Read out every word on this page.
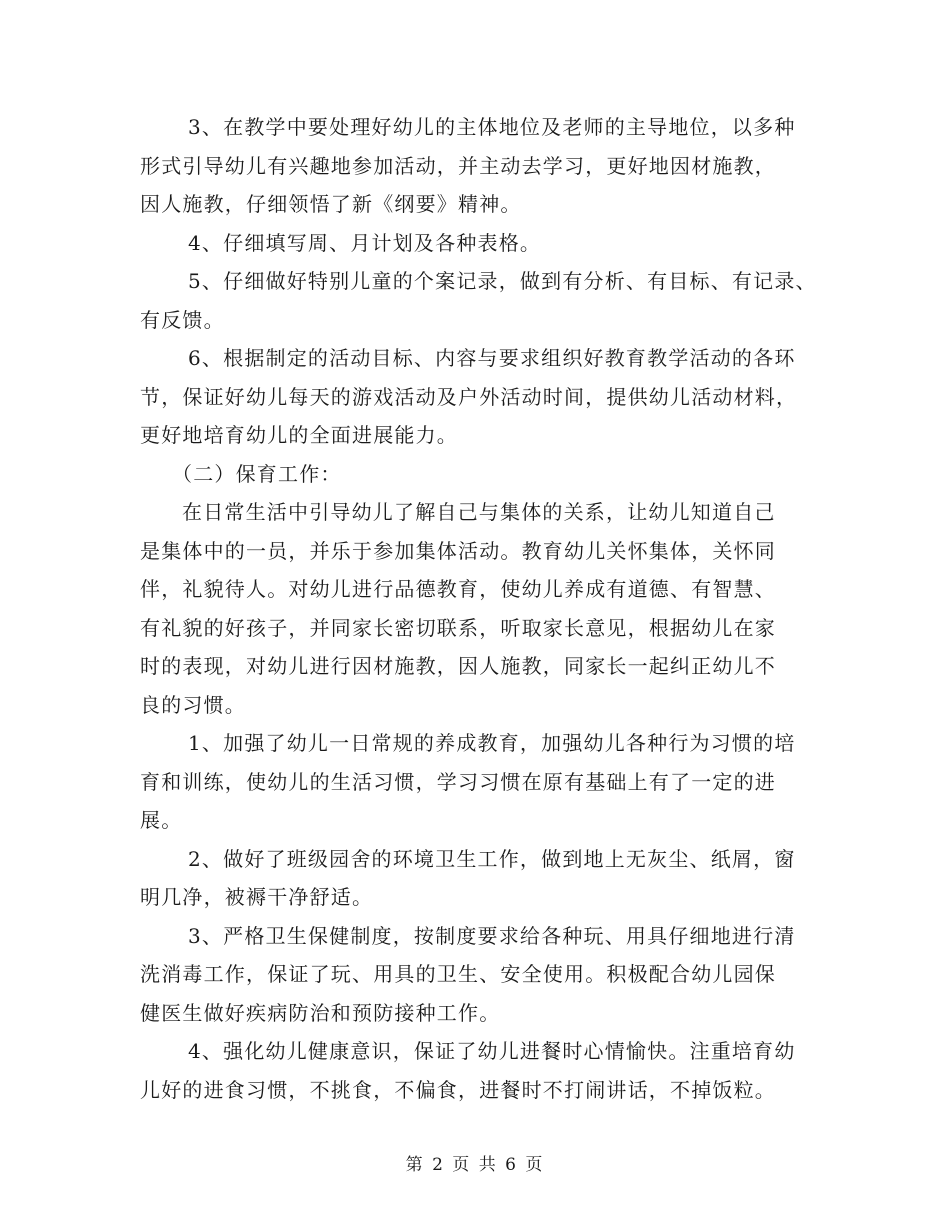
3、在教学中要处理好幼儿的主体地位及老师的主导地位，以多种
形式引导幼儿有兴趣地参加活动，并主动去学习，更好地因材施教，
因人施教，仔细领悟了新《纲要》精神。
4、仔细填写周、月计划及各种表格。
5、仔细做好特别儿童的个案记录，做到有分析、有目标、有记录、
有反馈。
6、根据制定的活动目标、内容与要求组织好教育教学活动的各环
节，保证好幼儿每天的游戏活动及户外活动时间，提供幼儿活动材料，
更好地培育幼儿的全面进展能力。
（二）保育工作：
在日常生活中引导幼儿了解自己与集体的关系，让幼儿知道自己
是集体中的一员，并乐于参加集体活动。教育幼儿关怀集体，关怀同
伴，礼貌待人。对幼儿进行品德教育，使幼儿养成有道德、有智慧、
有礼貌的好孩子，并同家长密切联系，听取家长意见，根据幼儿在家
时的表现，对幼儿进行因材施教，因人施教，同家长一起纠正幼儿不
良的习惯。
1、加强了幼儿一日常规的养成教育，加强幼儿各种行为习惯的培
育和训练，使幼儿的生活习惯，学习习惯在原有基础上有了一定的进
展。
2、做好了班级园舍的环境卫生工作，做到地上无灰尘、纸屑，窗
明几净，被褥干净舒适。
3、严格卫生保健制度，按制度要求给各种玩、用具仔细地进行清
洗消毒工作，保证了玩、用具的卫生、安全使用。积极配合幼儿园保
健医生做好疾病防治和预防接种工作。
4、强化幼儿健康意识，保证了幼儿进餐时心情愉快。注重培育幼
儿好的进食习惯，不挑食，不偏食，进餐时不打闹讲话，不掉饭粒。
第 2 页 共 6 页
